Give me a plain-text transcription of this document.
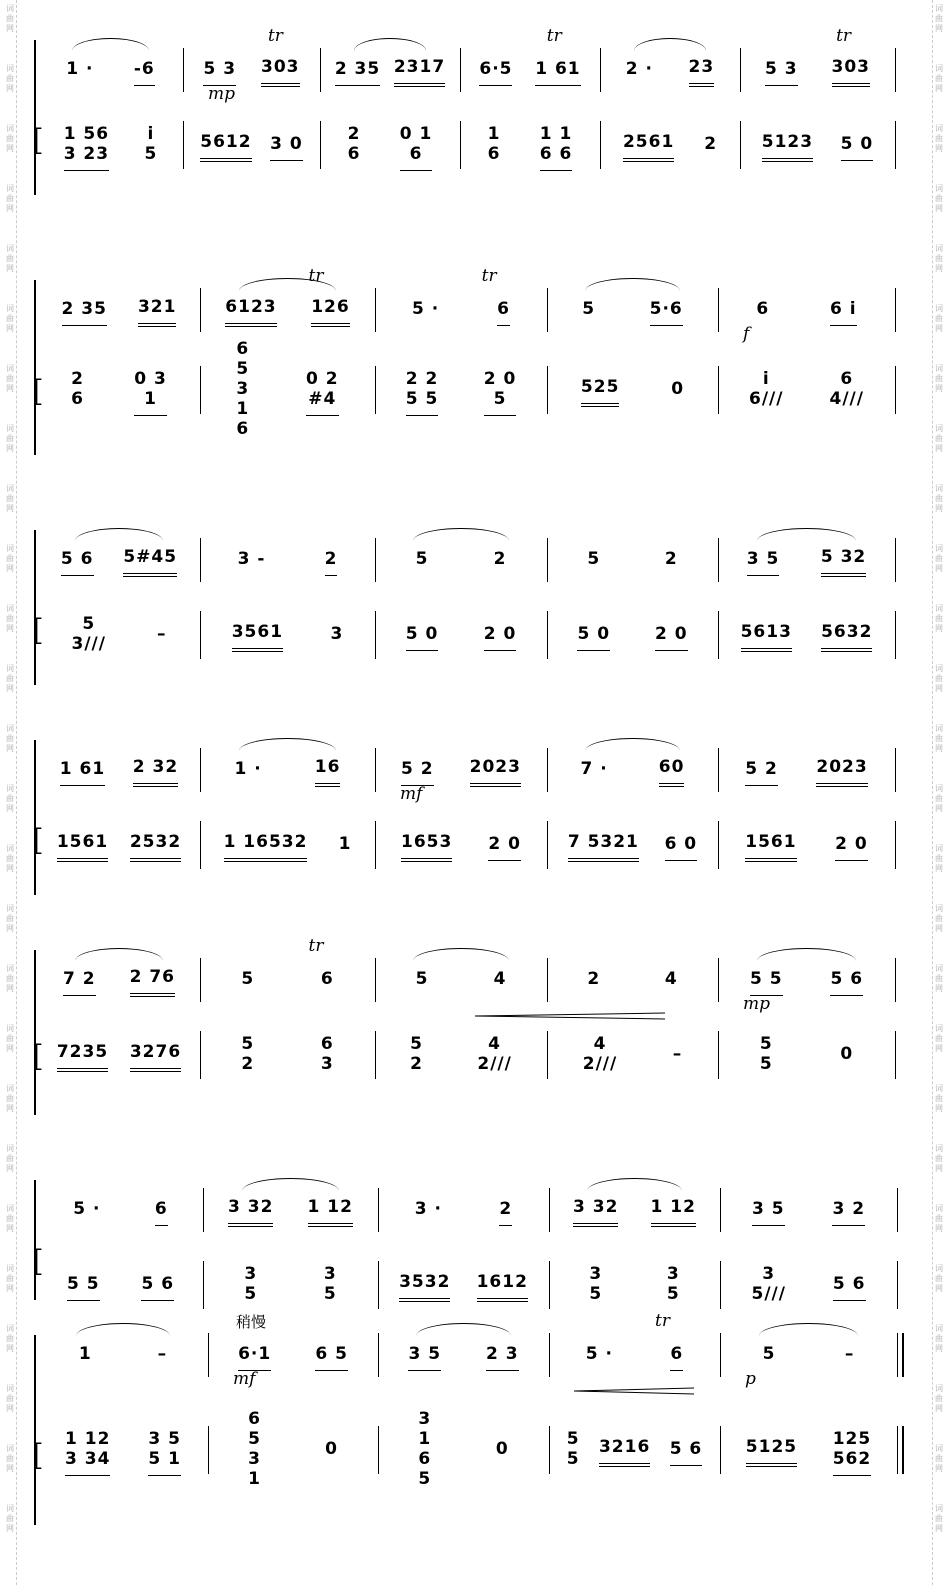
词
曲
网
词
曲
网
词
曲
网
词
曲
网
词
曲
网
词
曲
网
词
曲
网
词
曲
网
词
曲
网
词
曲
网
词
曲
网
词
曲
网
词
曲
网
词
曲
网
词
曲
网
词
曲
网
词
曲
网
词
曲
网
词
曲
网
词
曲
网
词
曲
网
词
曲
网
词
曲
网
词
曲
网
词
曲
网
词
曲
网
词
曲
网
词
曲
网
词
曲
网
词
曲
网
词
曲
网
词
曲
网
词
曲
网
词
曲
网
词
曲
网
词
曲
网
词
曲
网
词
曲
网
词
曲
网
词
曲
网
词
曲
网
词
曲
网
词
曲
网
词
曲
网
词
曲
网
词
曲
网
词
曲
网
词
曲
网
词
曲
网
词
曲
网
词
曲
网
词
曲
网
[
1 · -6	5 3 303 2 35 2317 6·5 1 61	2 · 23	5 3 303
1 56
3 23
i
5
5612 3 0	2
6
0 1
6
1
6
1 1
6 6
2561 2	5123 5 0
tr	tr	tr
mp
[
2 35 321	6123 126	5 ·	6	5	5·6	6	6 i
2
6
0 3
1
6
5
3
1
6
0 2
#4
2 2
5 5
2 0
5
525	0	i
6///
6
4///
tr	tr
f
[
5 6 5#45	3 -	2	5	2	5	2	3 5 5 32
5
3///	–	3561	3	5 0	2 0	5 0	2 0	5613 5632
[
1 61 2 32	1 ·	16	5 2 2023	7 ·	60	5 2 2023
1561 2532 1 16532 1	1653 2 0	7 5321 6 0	1561 2 0
mf
[
7 2 2 76	5	6	5	4	2	4	5 5	5 6
7235 3276	5
2
6
3
5
2
4
2///
4
2///	–	5
5	0
tr
mp
[
5 ·	6	3 32 1 12	3 ·	2	3 32 1 12	3 5	3 2
5 5 5 6	3
5
3
5
3532 1612	3
5
3
5
3
5///
5 6
[
1	–	6·1	6 5	3 5	2 3	5 ·	6	5	–
1 12
3 34
3 5
5 1
6
5
3
1
0
3
1
6
5
0	5
5
3216 5 6	5125 125
562
稍慢
mf
tr
p
